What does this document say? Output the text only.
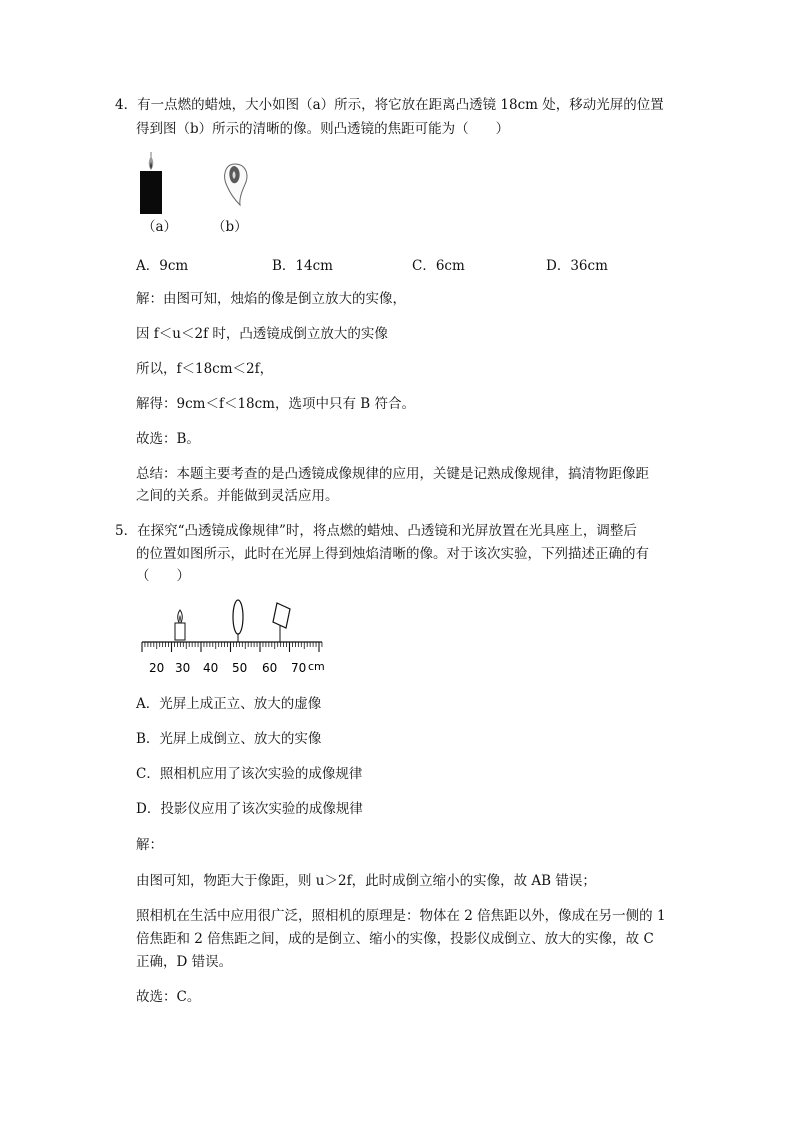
4．有一点燃的蜡烛，大小如图（a）所示，将它放在距离凸透镜 18cm 处，移动光屏的位置
得到图（b）所示的清晰的像。则凸透镜的焦距可能为（　　）
（a）	（b）
A．9cm	B．14cm	C．6cm	D．36cm
解：由图可知，烛焰的像是倒立放大的实像，
因 f＜u＜2f 时，凸透镜成倒立放大的实像
所以，f＜18cm＜2f，
解得：9cm＜f＜18cm，选项中只有 B 符合。
故选：B。
总结：本题主要考查的是凸透镜成像规律的应用，关键是记熟成像规律，搞清物距像距
之间的关系。并能做到灵活应用。
5．在探究“凸透镜成像规律”时，将点燃的蜡烛、凸透镜和光屏放置在光具座上，调整后
的位置如图所示，此时在光屏上得到烛焰清晰的像。对于该次实验，下列描述正确的有
（　　）
20 30 40 50 60 70 cm
A．光屏上成正立、放大的虚像
B．光屏上成倒立、放大的实像
C．照相机应用了该次实验的成像规律
D．投影仪应用了该次实验的成像规律
解：
由图可知，物距大于像距，则 u＞2f，此时成倒立缩小的实像，故 AB 错误；
照相机在生活中应用很广泛，照相机的原理是：物体在 2 倍焦距以外，像成在另一侧的 1
倍焦距和 2 倍焦距之间，成的是倒立、缩小的实像，投影仪成倒立、放大的实像，故 C
正确，D 错误。
故选：C。
